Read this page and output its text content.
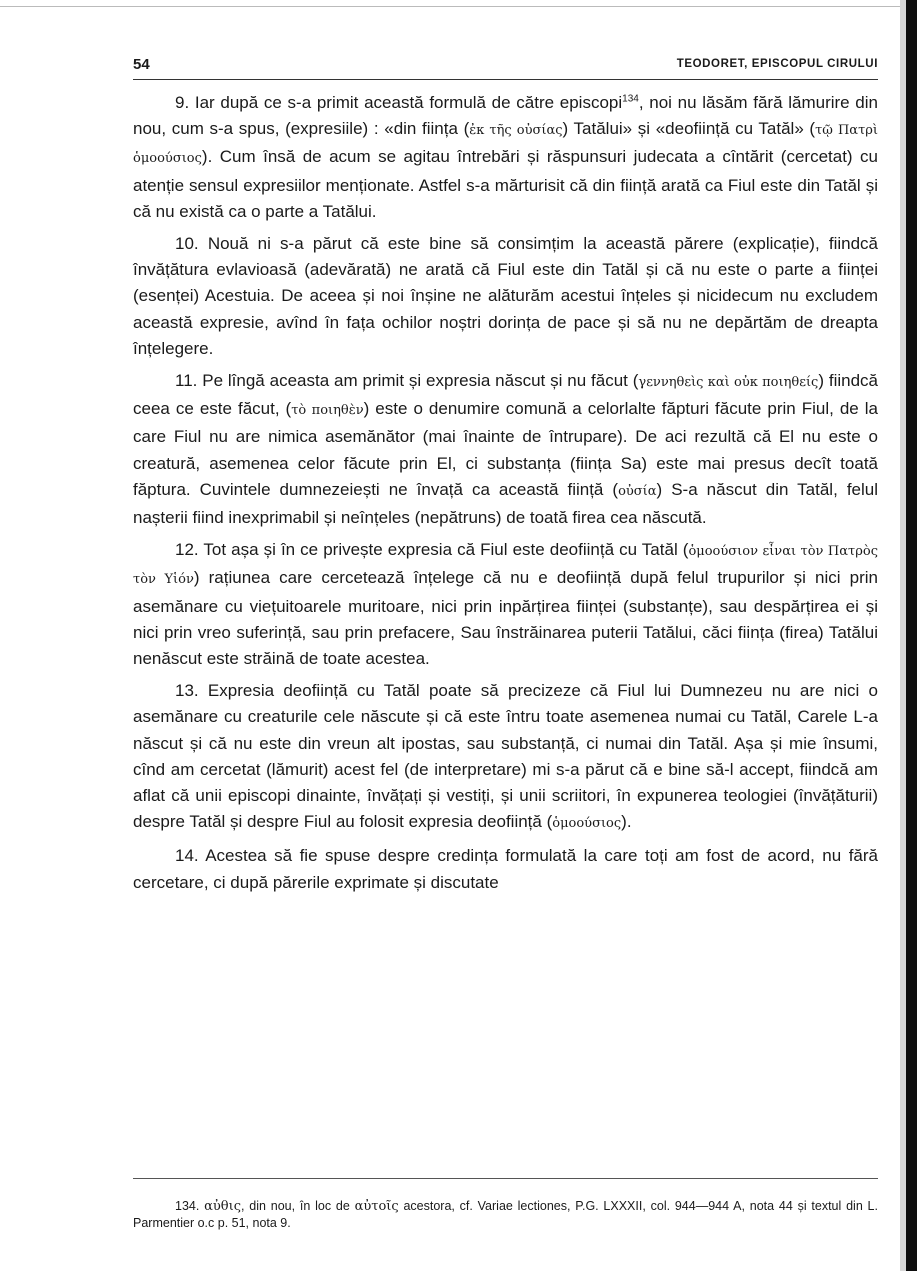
54	TEODORET, EPISCOPUL CIRULUI

9. Iar după ce s-a primit această formulă de către episcopi$^{134}$, noi nu lăsăm fără lămurire din nou, cum s-a spus, (expresiile) : «din ființa (ἐκ τῆς οὐσίας) Tatălui» și «deoființă cu Tatăl» (τῷ Πατρὶ ὁμοούσιος). Cum însă de acum se agitau întrebări și răspunsuri judecata a cîntărit (cercetat) cu atenție sensul expresiilor menționate. Astfel s-a mărturisit că din ființă arată ca Fiul este din Tatăl și că nu există ca o parte a Tatălui.

10. Nouă ni s-a părut că este bine să consimțim la această părere (explicație), fiindcă învățătura evlavioasă (adevărată) ne arată că Fiul este din Tatăl și că nu este o parte a ființei (esenței) Acestuia. De aceea și noi înșine ne alăturăm acestui înțeles și nicidecum nu excludem această expresie, avînd în fața ochilor noștri dorința de pace și să nu ne depărtăm de dreapta înțelegere.

11. Pe lîngă aceasta am primit și expresia născut și nu făcut (γεννηθεὶς καὶ οὐκ ποιηθείς) fiindcă ceea ce este făcut, (τὸ ποιηθὲν) este o denumire comună a celorlalte făpturi făcute prin Fiul, de la care Fiul nu are nimica asemănător (mai înainte de întrupare). De aci rezultă că El nu este o creatură, asemenea celor făcute prin El, ci substanța (ființa Sa) este mai presus decît toată făptura. Cuvintele dumnezeiești ne învață ca această ființă (οὐσία) S-a născut din Tatăl, felul nașterii fiind inexprimabil și neînțeles (nepătruns) de toată firea cea născută.

12. Tot așa și în ce privește expresia că Fiul este deoființă cu Tatăl (ὁμοούσιον εἶναι τὸν Πατρὸς τὸν Υἱόν) rațiunea care cercetează înțelege că nu e deoființă după felul trupurilor și nici prin asemănare cu viețuitoarele muritoare, nici prin inpărțirea ființei (substanțe), sau despărțirea ei și nici prin vreo suferință, sau prin prefacere, Sau înstrăinarea puterii Tatălui, căci ființa (firea) Tatălui nenăscut este străină de toate acestea.

13. Expresia deoființă cu Tatăl poate să precizeze că Fiul lui Dumnezeu nu are nici o asemănare cu creaturile cele născute și că este întru toate asemenea numai cu Tatăl, Carele L-a născut și că nu este din vreun alt ipostas, sau substanță, ci numai din Tatăl. Așa și mie însumi, cînd am cercetat (lămurit) acest fel (de interpretare) mi s-a părut că e bine să-l accept, fiindcă am aflat că unii episcopi dinainte, învățați și vestiți, și unii scriitori, în expunerea teologiei (învățăturii) despre Tatăl și despre Fiul au folosit expresia deoființă (ὁμοούσιος).

14. Acestea să fie spuse despre credința formulată la care toți am fost de acord, nu fără cercetare, ci după părerile exprimate și discutate

134. αὐθις, din nou, în loc de αὐτοῖς acestora, cf. Variae lectiones, P.G. LXXXII, col. 944—944 A, nota 44 și textul din L. Parmentier o.c p. 51, nota 9.
